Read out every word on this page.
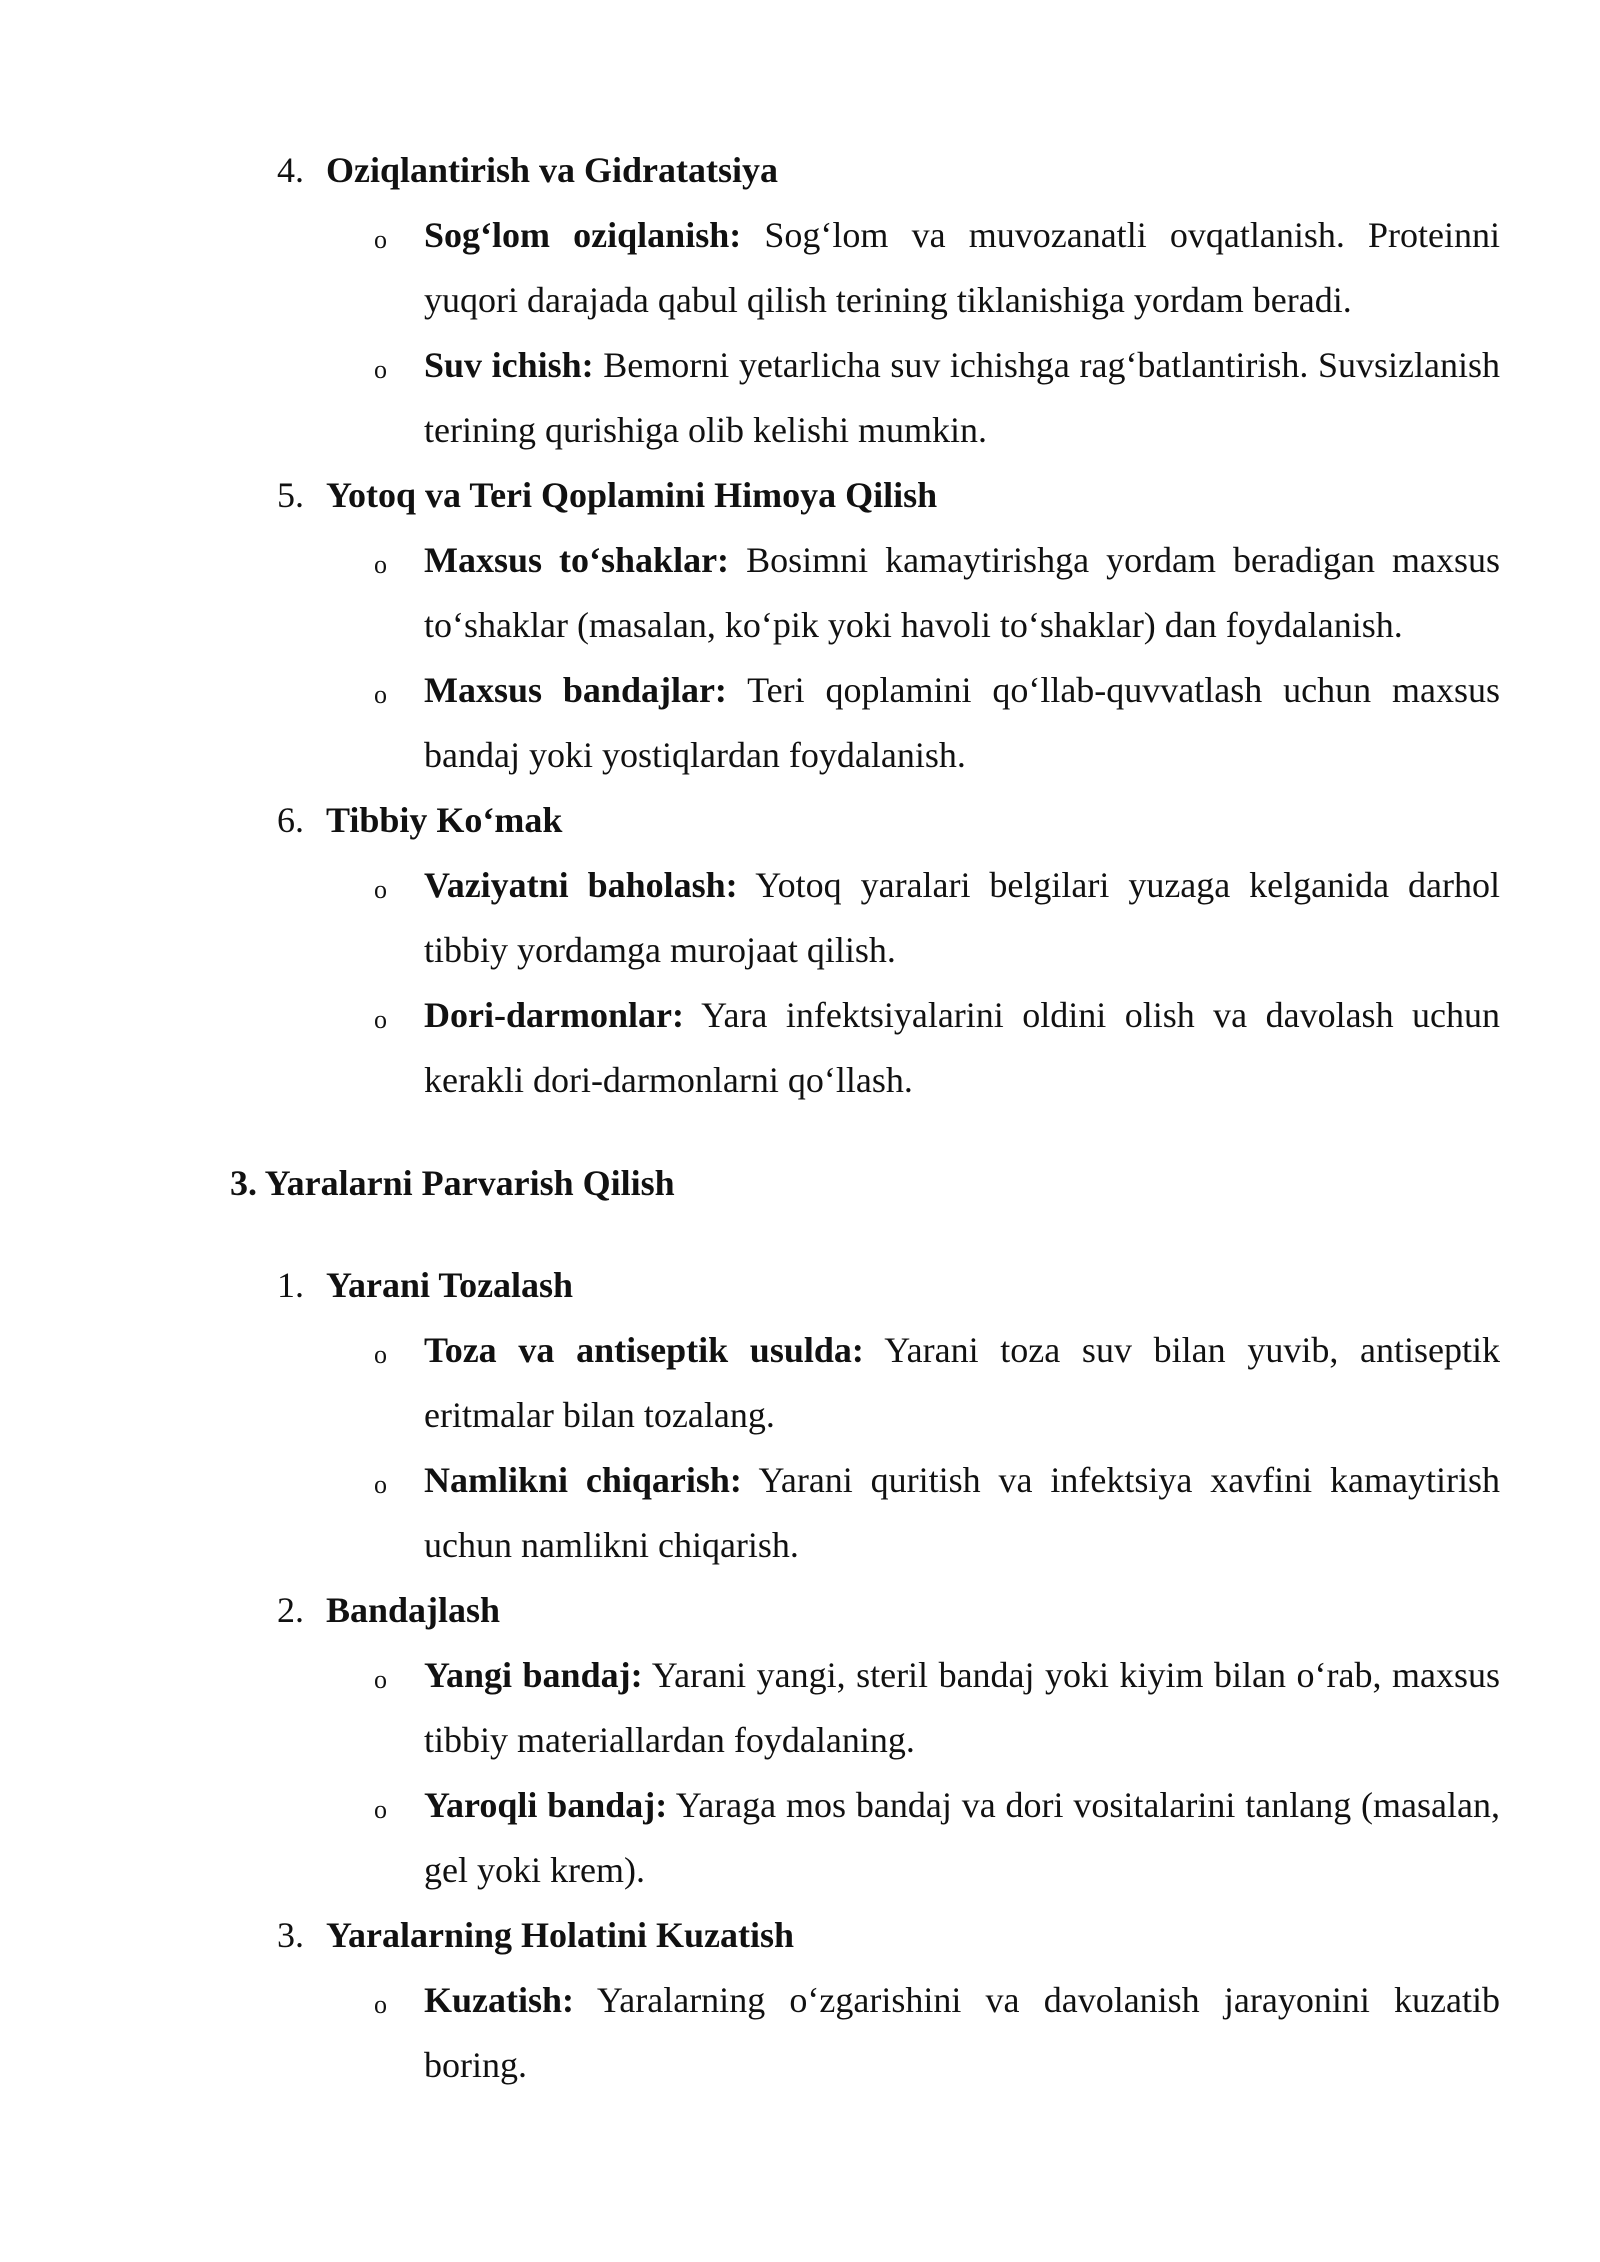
4. Oziqlantirish va Gidratatsiya
o Sog‘lom oziqlanish: Sog‘lom va muvozanatli ovqatlanish. Proteinni yuqori darajada qabul qilish terining tiklanishiga yordam beradi.
o Suv ichish: Bemorni yetarlicha suv ichishga rag‘batlantirish. Suvsizlanish terining qurishiga olib kelishi mumkin.
5. Yotoq va Teri Qoplamini Himoya Qilish
o Maxsus to‘shaklar: Bosimni kamaytirishga yordam beradigan maxsus to‘shaklar (masalan, ko‘pik yoki havoli to‘shaklar) dan foydalanish.
o Maxsus bandajlar: Teri qoplamini qo‘llab-quvvatlash uchun maxsus bandaj yoki yostiqlardan foydalanish.
6. Tibbiy Ko‘mak
o Vaziyatni baholash: Yotoq yaralari belgilari yuzaga kelganida darhol tibbiy yordamga murojaat qilish.
o Dori-darmonlar: Yara infektsiyalarini oldini olish va davolash uchun kerakli dori-darmonlarni qo‘llash.
3. Yaralarni Parvarish Qilish
1. Yarani Tozalash
o Toza va antiseptik usulda: Yarani toza suv bilan yuvib, antiseptik eritmalar bilan tozalang.
o Namlikni chiqarish: Yarani quritish va infektsiya xavfini kamaytirish uchun namlikni chiqarish.
2. Bandajlash
o Yangi bandaj: Yarani yangi, steril bandaj yoki kiyim bilan o‘rab, maxsus tibbiy materiallardan foydalaning.
o Yaroqli bandaj: Yaraga mos bandaj va dori vositalarini tanlang (masalan, gel yoki krem).
3. Yaralarning Holatini Kuzatish
o Kuzatish: Yaralarning o‘zgarishini va davolanish jarayonini kuzatib boring.
